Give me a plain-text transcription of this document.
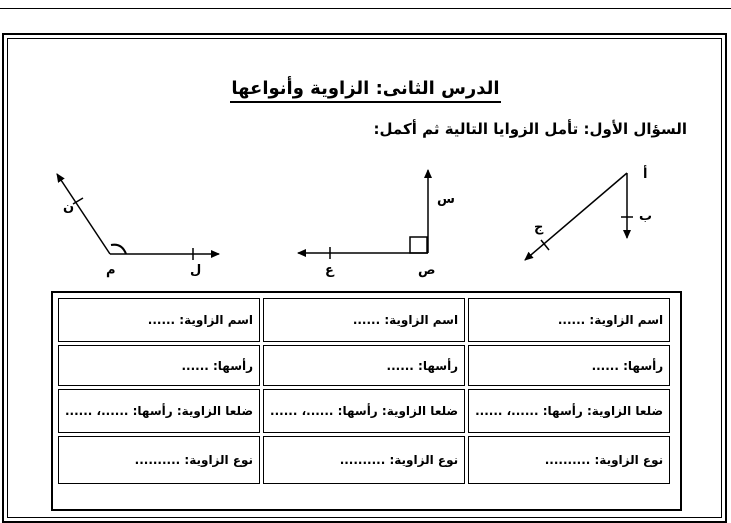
الدرس الثانى: الزاوية وأنواعها
السؤال الأول: تأمل الزوايا التالية ثم أكمل:
أ
ب
ج
س
ص
ع
ن
م	ل
اسم الزاوية: ......	اسم الزاوية: ......	اسم الزاوية: ......
رأسها: ......	رأسها: ......	رأسها: ......
ضلعا الزاوية: رأسها: ......، ......	ضلعا الزاوية: رأسها: ......، ......	ضلعا الزاوية: رأسها: ......، ......
نوع الزاوية: ..........	نوع الزاوية: ..........	نوع الزاوية: ..........
